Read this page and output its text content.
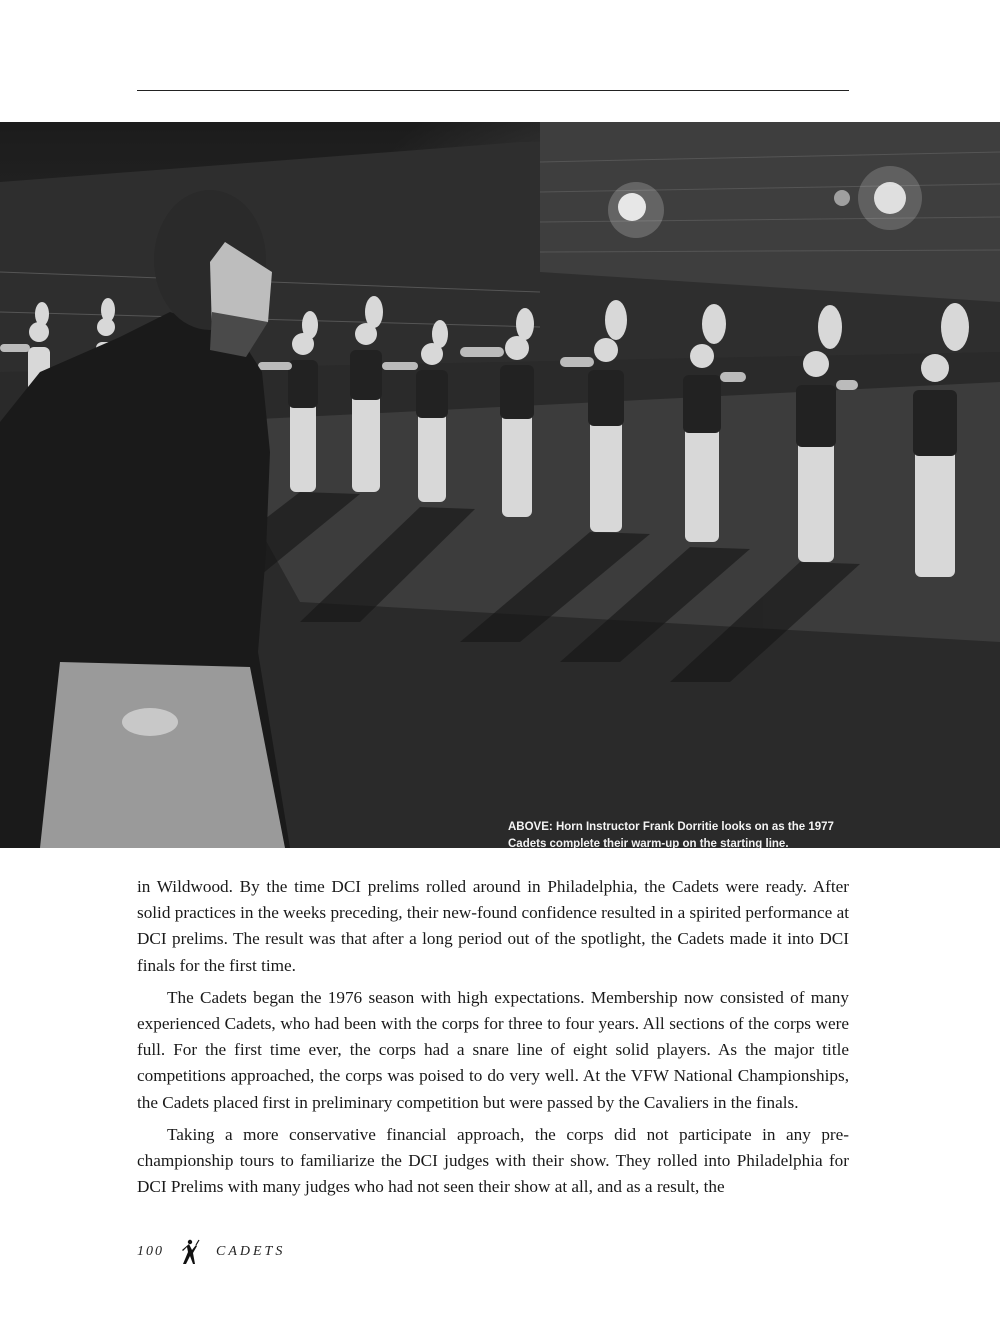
ABOVE: Horn Instructor Frank Dorritie looks on as the 1977 Cadets complete their warm-up on the starting line.

in Wildwood. By the time DCI prelims rolled around in Philadelphia, the Cadets were ready. After solid practices in the weeks preceding, their new-found confidence resulted in a spirited performance at DCI prelims. The result was that after a long period out of the spotlight, the Cadets made it into DCI finals for the first time.

The Cadets began the 1976 season with high expectations. Membership now consisted of many experienced Cadets, who had been with the corps for three to four years. All sections of the corps were full. For the first time ever, the corps had a snare line of eight solid players. As the major title competitions approached, the corps was poised to do very well. At the VFW National Championships, the Cadets placed first in preliminary competition but were passed by the Cavaliers in the finals.

Taking a more conservative financial approach, the corps did not participate in any pre-championship tours to familiarize the DCI judges with their show. They rolled into Philadelphia for DCI Prelims with many judges who had not seen their show at all, and as a result, the

100	CADETS
